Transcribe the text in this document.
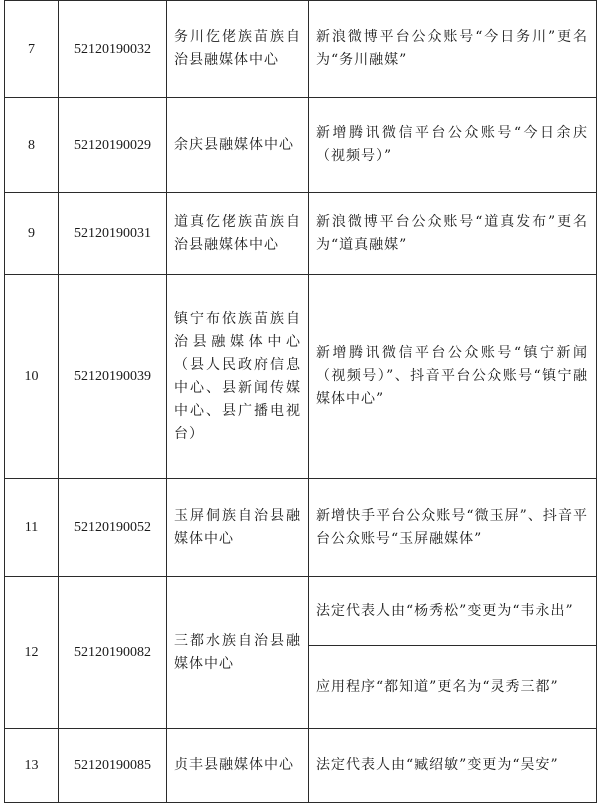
7	52120190032	务川仡佬族苗族自治县融媒体中心	新浪微博平台公众账号“今日务川”更名为“务川融媒”
8	52120190029	余庆县融媒体中心	新增腾讯微信平台公众账号“今日余庆（视频号）”
9	52120190031	道真仡佬族苗族自治县融媒体中心	新浪微博平台公众账号“道真发布”更名为“道真融媒”
10	52120190039	镇宁布依族苗族自治县融媒体中心（县人民政府信息中心、县新闻传媒中心、县广播电视台）	新增腾讯微信平台公众账号“镇宁新闻（视频号）”、抖音平台公众账号“镇宁融媒体中心”
11	52120190052	玉屏侗族自治县融媒体中心	新增快手平台公众账号“微玉屏”、抖音平台公众账号“玉屏融媒体”
12	52120190082	三都水族自治县融媒体中心	法定代表人由“杨秀松”变更为“韦永出”
			应用程序“都知道”更名为“灵秀三都”
13	52120190085	贞丰县融媒体中心	法定代表人由“臧绍敏”变更为“吴安”
